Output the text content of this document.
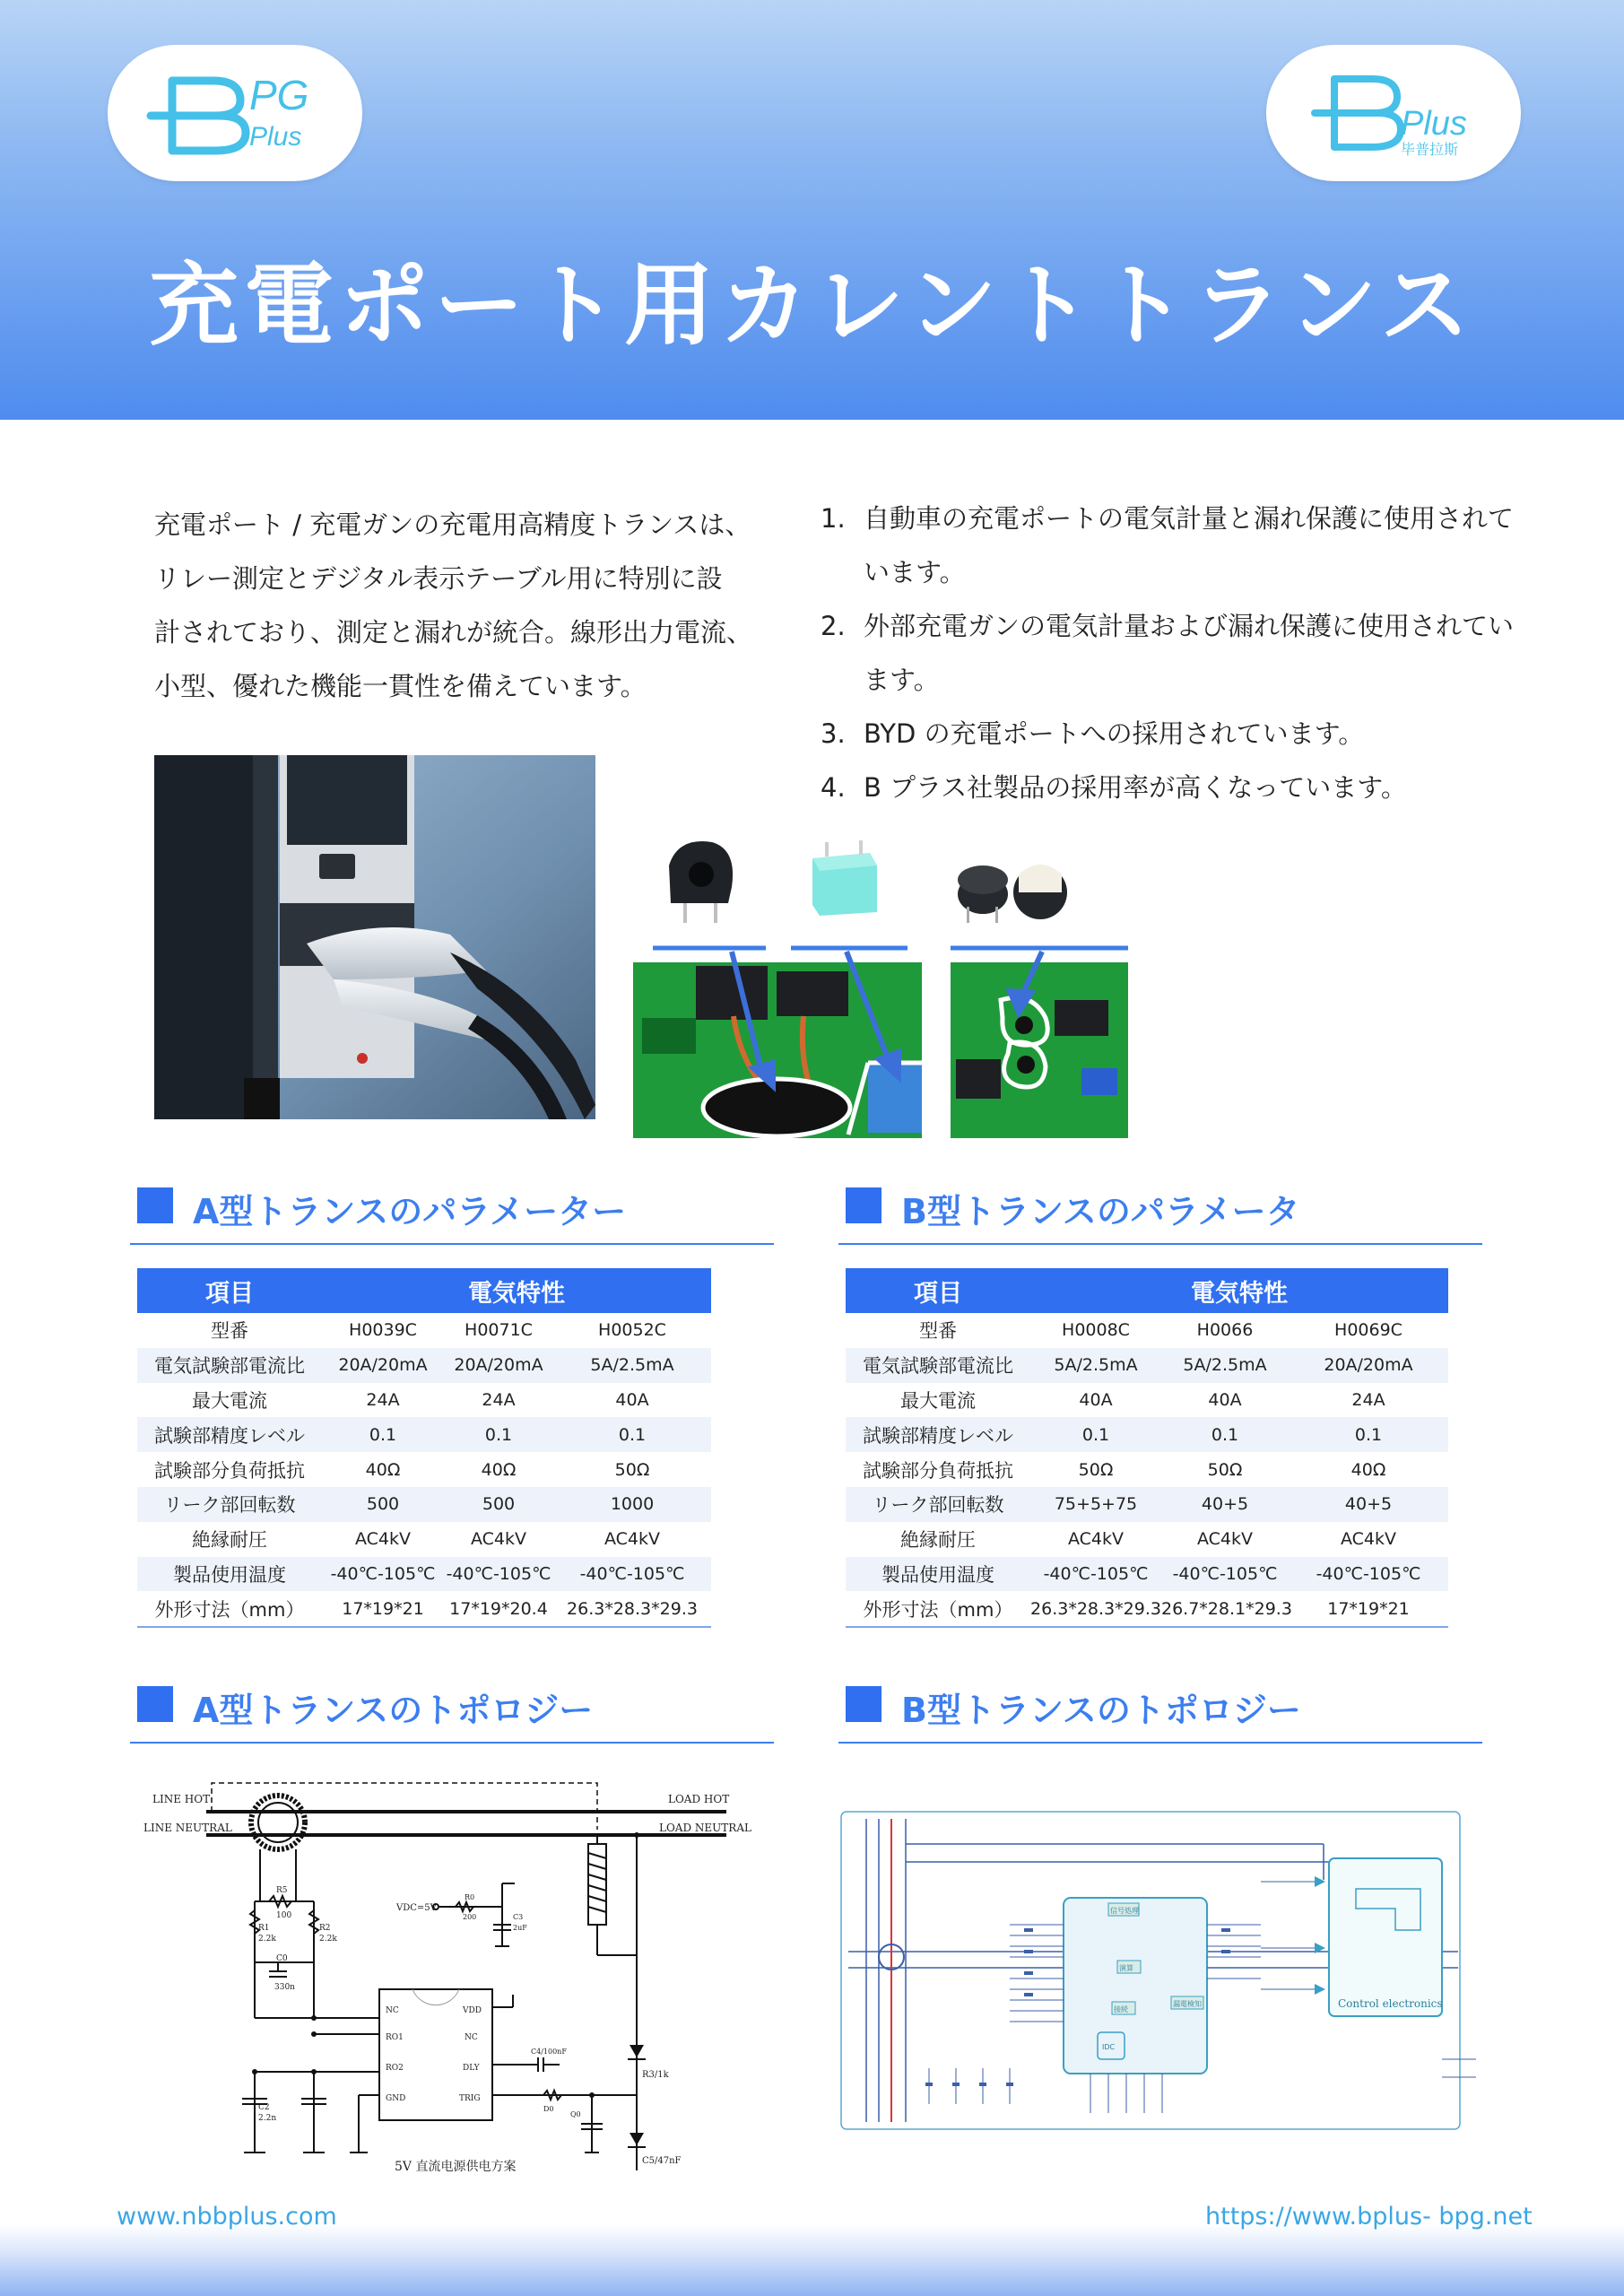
PG
Plus	Plus
毕普拉斯
充電ポート用カレントトランス
充電ポート / 充電ガンの充電用高精度トランスは、
リレー測定とデジタル表示テーブル用に特別に設
計されており、測定と漏れが統合。線形出力電流、
小型、優れた機能一貫性を備えています。
1. 自動車の充電ポートの電気計量と漏れ保護に使用されています。
2. 外部充電ガンの電気計量および漏れ保護に使用されています。
3. BYD の充電ポートへの採用されています。
4. B プラス社製品の採用率が高くなっています。
A型トランスのパラメーター
項目	電気特性		
型番	H0039C	H0071C	H0052C
電気試験部電流比	20A/20mA	20A/20mA	5A/2.5mA
最大電流	24A	24A	40A
試験部精度レベル	0.1	0.1	0.1
試験部分負荷抵抗	40Ω	40Ω	50Ω
リーク部回転数	500	500	1000
絶縁耐圧	AC4kV	AC4kV	AC4kV
製品使用温度	-40℃-105℃	-40℃-105℃	-40℃-105℃
外形寸法（mm）	17*19*21	17*19*20.4	26.3*28.3*29.3
B型トランスのパラメータ
項目	電気特性		
型番	H0008C	H0066	H0069C
電気試験部電流比	5A/2.5mA	5A/2.5mA	20A/20mA
最大電流	40A	40A	24A
試験部精度レベル	0.1	0.1	0.1
試験部分負荷抵抗	50Ω	50Ω	40Ω
リーク部回転数	75+5+75	40+5	40+5
絶縁耐圧	AC4kV	AC4kV	AC4kV
製品使用温度	-40℃-105℃	-40℃-105℃	-40℃-105℃
外形寸法（mm）	26.3*28.3*29.3	26.7*28.1*29.3	17*19*21
A型トランスのトポロジー
LINE HOT
LINE NEUTRAL
LOAD HOT
LOAD NEUTRAL
R3/1k
C5/47nF
R5
100
R1
2.2k
R2
2.2k
C0
330n
C2
2.2n
VDC=5V
R0
200	C3
2uF
NC
RO1
RO2
GND
VDD
NC
DLY
TRIG
C4/100nF
D0
Q0
5V 直流电源供电方案
B型トランスのトポロジー
信号処理
演算
接続
漏電検知
IDC
Control electronics
www.nbbplus.com	https://www.bplus- bpg.net
